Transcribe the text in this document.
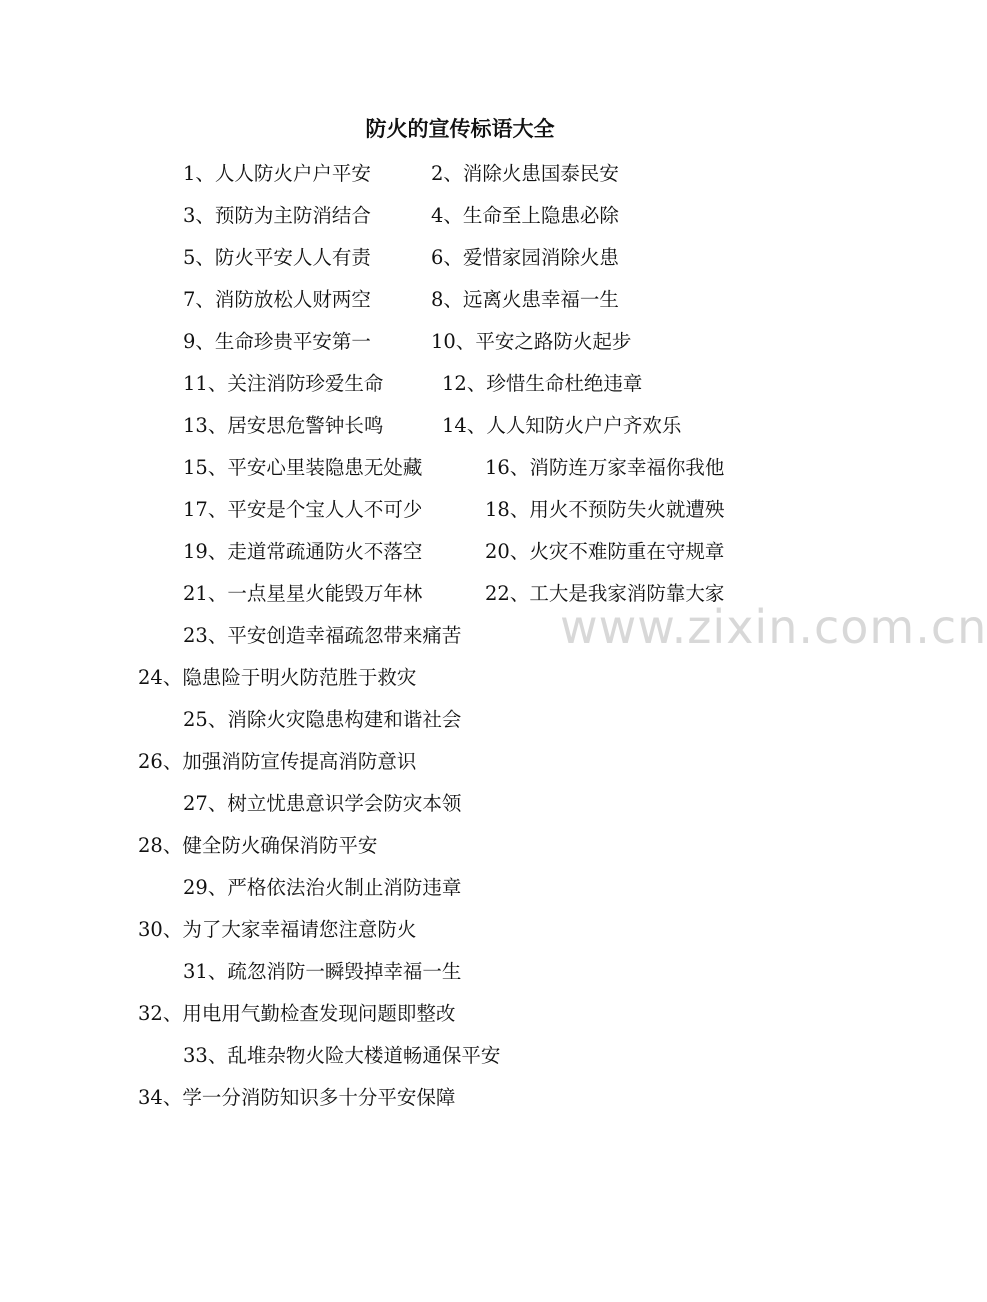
www.zixin.com.cn
防火的宣传标语大全
1、人人防火户户平安	2、消除火患国泰民安
3、预防为主防消结合	4、生命至上隐患必除
5、防火平安人人有责	6、爱惜家园消除火患
7、消防放松人财两空	8、远离火患幸福一生
9、生命珍贵平安第一	10、平安之路防火起步
11、关注消防珍爱生命	12、珍惜生命杜绝违章
13、居安思危警钟长鸣	14、人人知防火户户齐欢乐
15、平安心里装隐患无处藏	16、消防连万家幸福你我他
17、平安是个宝人人不可少	18、用火不预防失火就遭殃
19、走道常疏通防火不落空	20、火灾不难防重在守规章
21、一点星星火能毁万年林	22、工大是我家消防靠大家
23、平安创造幸福疏忽带来痛苦
24、隐患险于明火防范胜于救灾
25、消除火灾隐患构建和谐社会
26、加强消防宣传提高消防意识
27、树立忧患意识学会防灾本领
28、健全防火确保消防平安
29、严格依法治火制止消防违章
30、为了大家幸福请您注意防火
31、疏忽消防一瞬毁掉幸福一生
32、用电用气勤检查发现问题即整改
33、乱堆杂物火险大楼道畅通保平安
34、学一分消防知识多十分平安保障
